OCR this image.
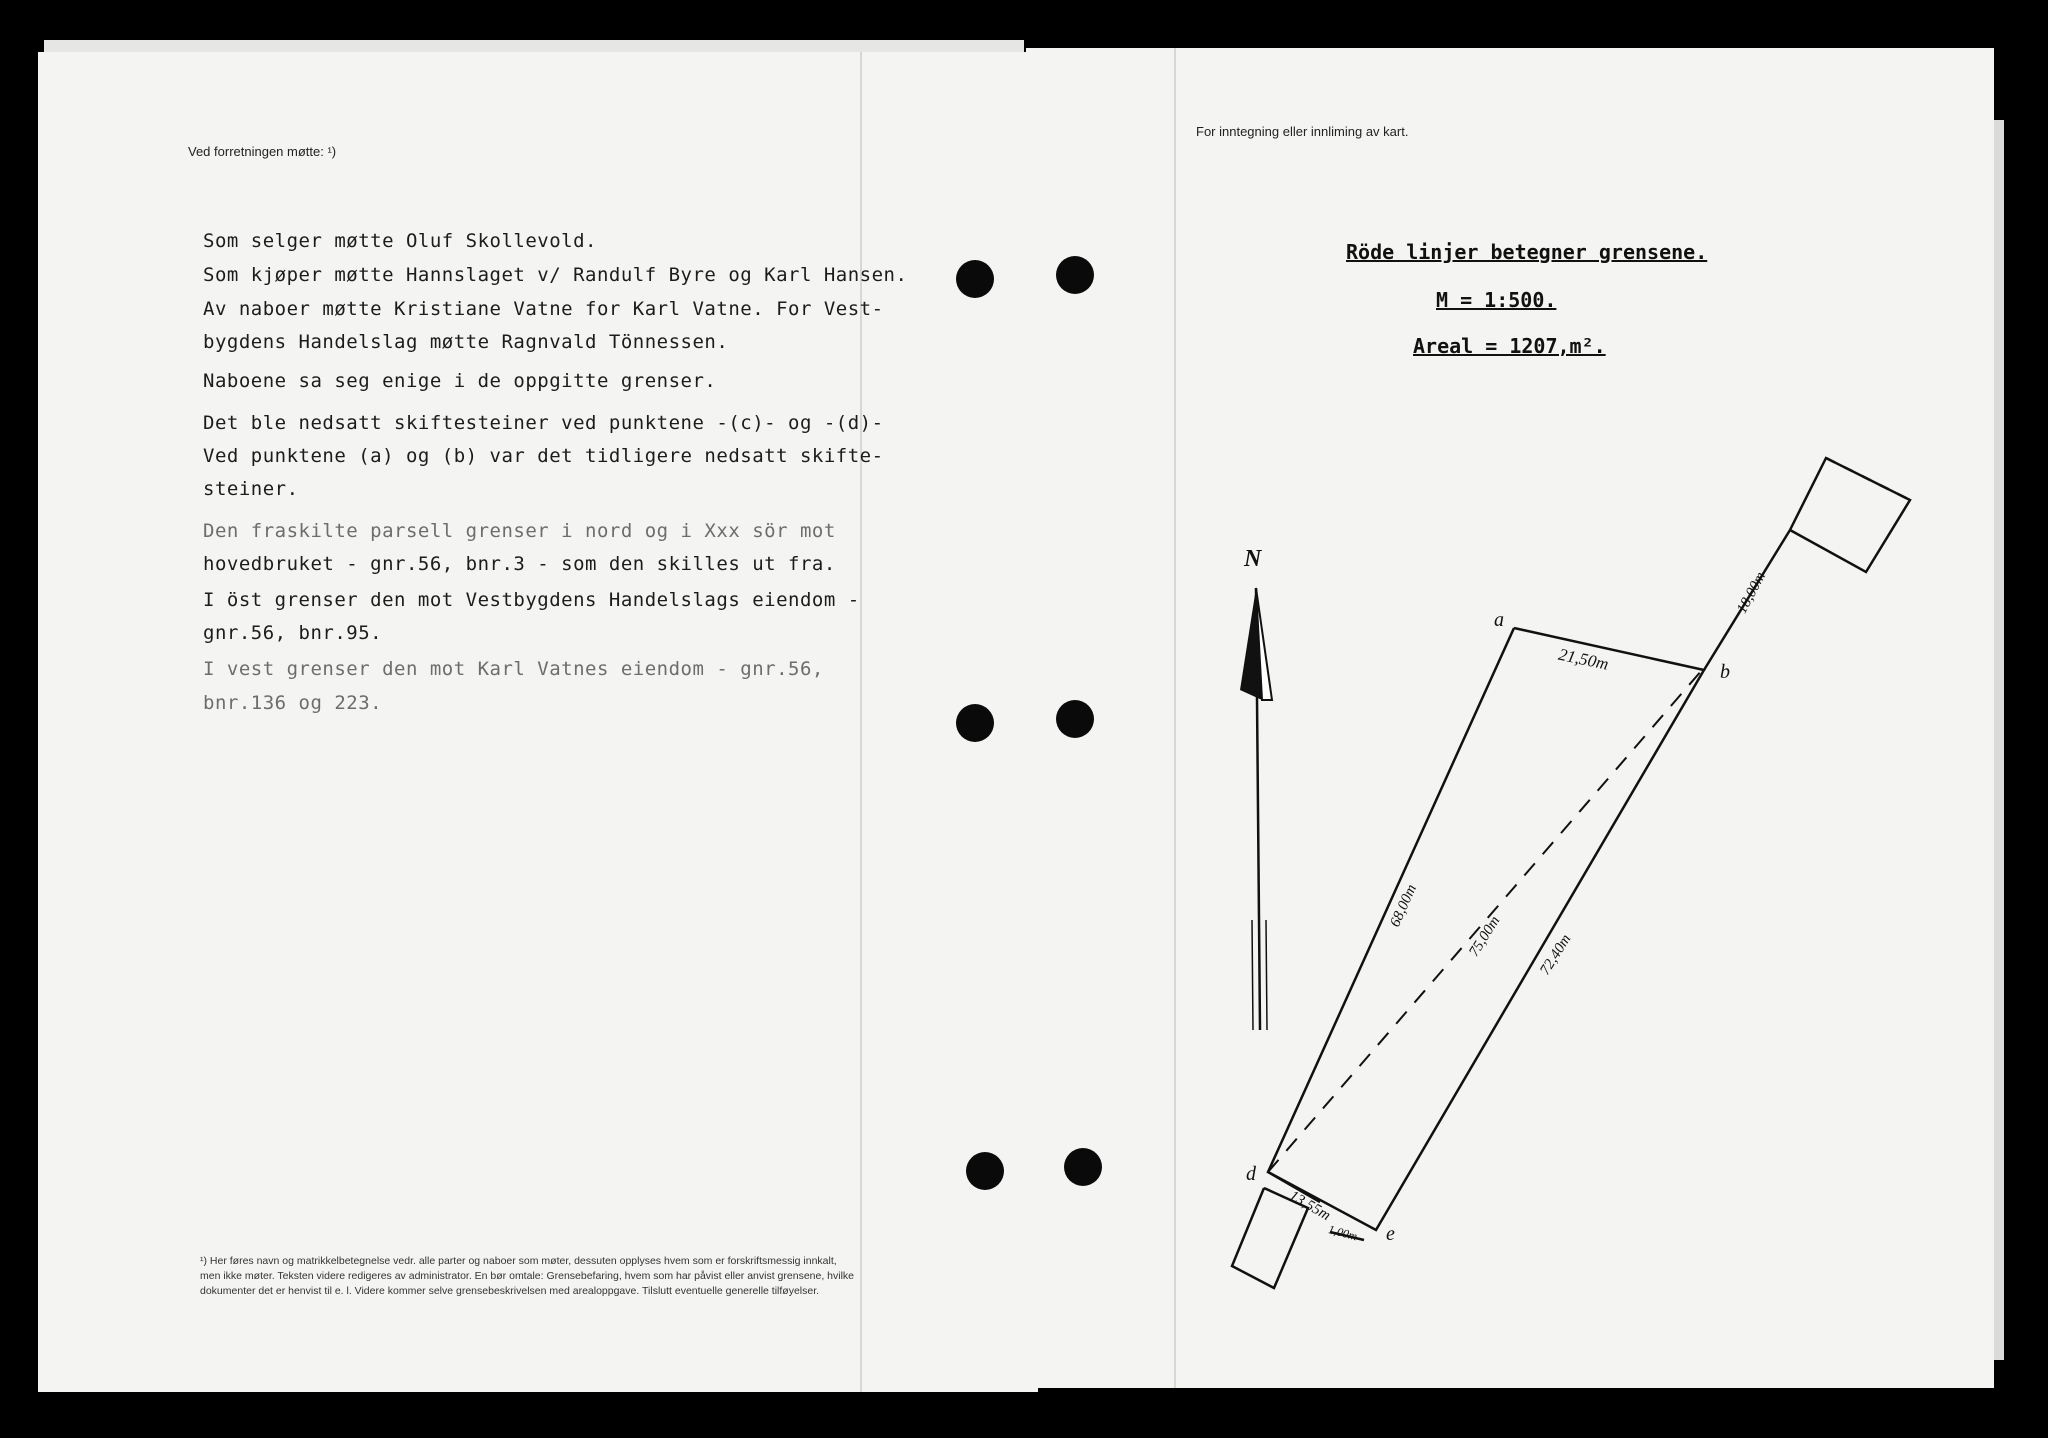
Ved forretningen møtte: ¹)
Som selger møtte Oluf Skollevold.
Som kjøper møtte Hannslaget v/ Randulf Byre og Karl Hansen.
Av naboer møtte Kristiane Vatne for Karl Vatne. For Vest-
bygdens Handelslag møtte Ragnvald Tönnessen.
Naboene sa seg enige i de oppgitte grenser.
Det ble nedsatt skiftesteiner ved punktene -(c)- og -(d)-
Ved punktene (a) og (b) var det tidligere nedsatt skifte-
steiner.
Den fraskilte parsell grenser i nord og i Xxx sör mot
hovedbruket - gnr.56, bnr.3 - som den skilles ut fra.
I öst grenser den mot Vestbygdens Handelslags eiendom -
gnr.56, bnr.95.
I vest grenser den mot Karl Vatnes eiendom - gnr.56,
bnr.136 og 223.
¹) Her føres navn og matrikkelbetegnelse vedr. alle parter og naboer som møter, dessuten opplyses hvem som er forskriftsmessig innkalt, men ikke møter. Teksten videre redigeres av administrator. En bør omtale: Grensebefaring, hvem som har påvist eller anvist grensene, hvilke dokumenter det er henvist til e. l. Videre kommer selve grensebeskrivelsen med arealoppgave. Tilslutt eventuelle generelle tilføyelser.
For inntegning eller innliming av kart.
Röde linjer betegner grensene.
M = 1:500.
Areal = 1207,m².
N
a
b
d
e
21,50m
68,00m
75,00m 72,40m
18,00m
13,55m
1,00m
